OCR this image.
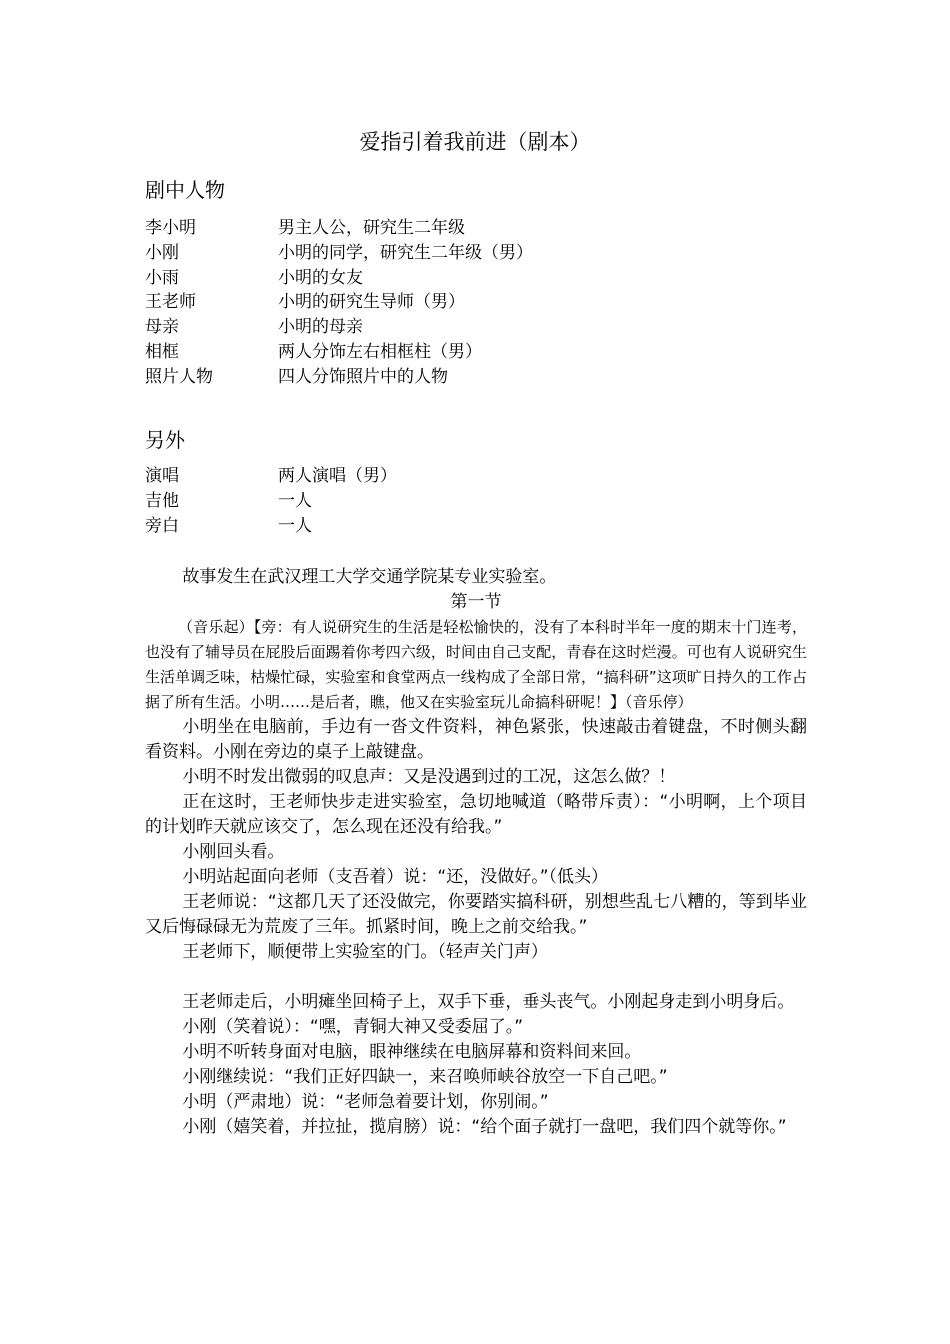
爱指引着我前进（剧本）
剧中人物
李小明	男主人公，研究生二年级
小刚	小明的同学，研究生二年级（男）
小雨	小明的女友
王老师	小明的研究生导师（男）
母亲	小明的母亲
相框	两人分饰左右相框柱（男）
照片人物	四人分饰照片中的人物
另外
演唱	两人演唱（男）
吉他	一人
旁白	一人

故事发生在武汉理工大学交通学院某专业实验室。

第一节

（音乐起）【旁：有人说研究生的生活是轻松愉快的，没有了本科时半年一度的期末十门连考，也没有了辅导员在屁股后面踢着你考四六级，时间由自己支配，青春在这时烂漫。可也有人说研究生生活单调乏味，枯燥忙碌，实验室和食堂两点一线构成了全部日常，“搞科研”这项旷日持久的工作占据了所有生活。小明……是后者，瞧，他又在实验室玩儿命搞科研呢！】（音乐停）

小明坐在电脑前，手边有一沓文件资料，神色紧张，快速敲击着键盘，不时侧头翻看资料。小刚在旁边的桌子上敲键盘。

小明不时发出微弱的叹息声：又是没遇到过的工况，这怎么做？！

正在这时，王老师快步走进实验室，急切地喊道（略带斥责）：“小明啊，上个项目的计划昨天就应该交了，怎么现在还没有给我。”

小刚回头看。

小明站起面向老师（支吾着）说：“还，没做好。”（低头）

王老师说：“这都几天了还没做完，你要踏实搞科研，别想些乱七八糟的，等到毕业又后悔碌碌无为荒废了三年。抓紧时间，晚上之前交给我。”

王老师下，顺便带上实验室的门。（轻声关门声）

王老师走后，小明瘫坐回椅子上，双手下垂，垂头丧气。小刚起身走到小明身后。

小刚（笑着说）：“嘿，青铜大神又受委屈了。”

小明不听转身面对电脑，眼神继续在电脑屏幕和资料间来回。

小刚继续说：“我们正好四缺一，来召唤师峡谷放空一下自己吧。”

小明（严肃地）说：“老师急着要计划，你别闹。”

小刚（嬉笑着，并拉扯，揽肩膀）说：“给个面子就打一盘吧，我们四个就等你。”
